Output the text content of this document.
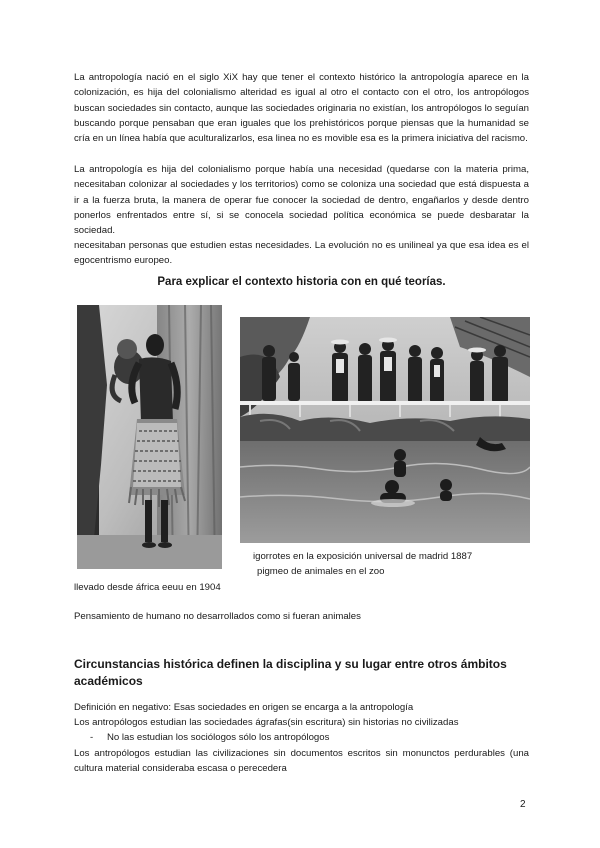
La antropología nació en el siglo XiX hay que tener el contexto histórico la antropología aparece en la colonización, es hija del colonialismo alteridad es igual al otro el contacto con el otro, los antropólogos buscan sociedades sin contacto, aunque las sociedades originaria no existían, los antropólogos lo seguían buscando porque pensaban que eran iguales que los prehistóricos porque piensas que la humanidad se cría en un línea había que aculturalizarlos, esa linea no es movible esa es la primera iniciativa del racismo.

La antropología es hija del colonialismo porque había una necesidad (quedarse con la materia prima, necesitaban colonizar al sociedades y los territorios) como se coloniza una sociedad que está dispuesta a ir a la fuerza bruta, la manera de operar fue conocer la sociedad de dentro, engañarlos y desde dentro ponerlos enfrentados entre sí, si se conocela sociedad política económica se puede desbaratar la sociedad.

necesitaban personas que estudien estas necesidades. La evolución no es unilineal ya que esa idea es el egocentrismo europeo.

Para explicar el contexto historia con en qué teorías.

igorrotes en la exposición universal de madrid 1887

pigmeo de animales en el zoo

llevado desde áfrica eeuu en 1904

Pensamiento de humano no desarrollados como si fueran animales

Circunstancias histórica definen la disciplina y su lugar entre otros ámbitos académicos

Definición en negativo: Esas sociedades en origen se encarga a la antropología

Los antropólogos estudian las sociedades ágrafas(sin escritura) sin historias no civilizadas

- No las estudian los sociólogos sólo los antropólogos

Los antropólogos estudian las civilizaciones sin documentos escritos sin monunctos perdurables (una cultura material consideraba escasa o perecedera

2
